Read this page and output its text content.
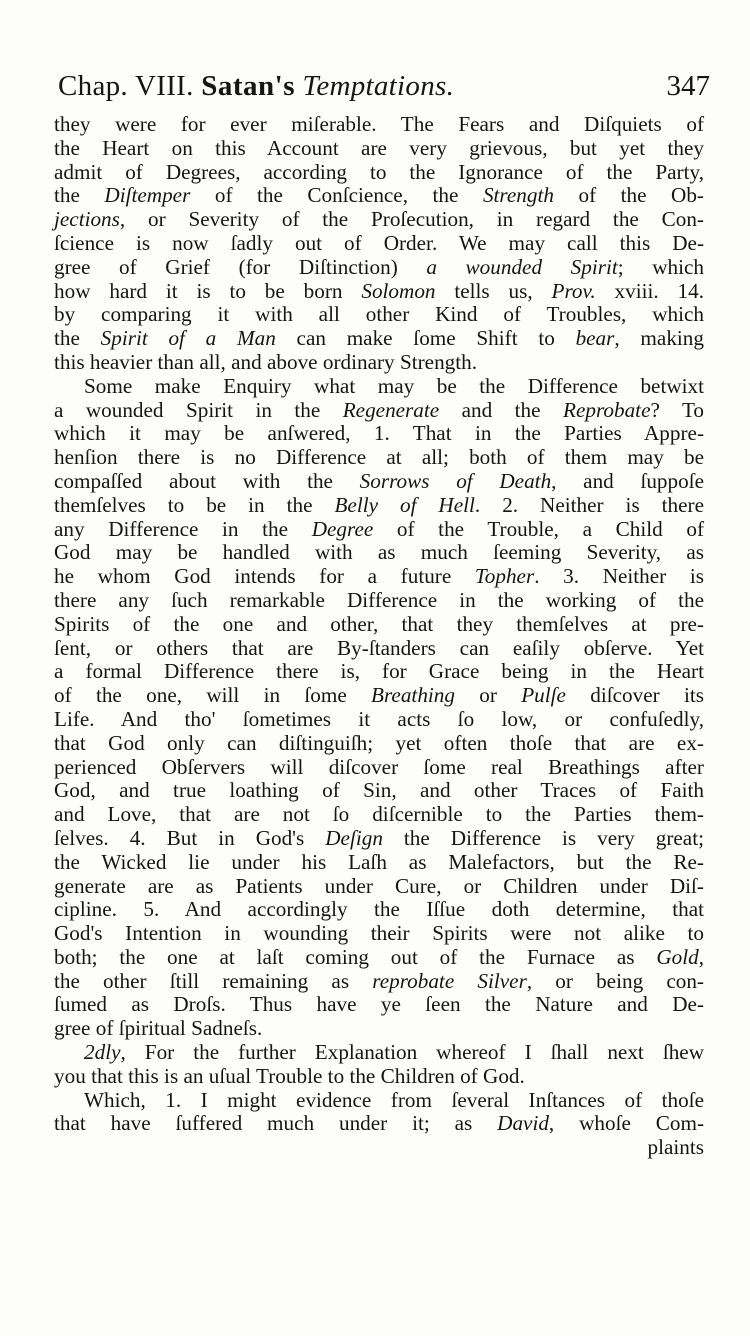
Chap. VIII. Satan's Temptations.	347
they were for ever miſerable. The Fears and Diſquiets of
the Heart on this Account are very grievous, but yet they
admit of Degrees, according to the Ignorance of the Party,
the Diſtemper of the Conſcience, the Strength of the Ob-
jections, or Severity of the Proſecution, in regard the Con-
ſcience is now ſadly out of Order. We may call this De-
gree of Grief (for Diſtinction) a wounded Spirit; which
how hard it is to be born Solomon tells us, Prov. xviii. 14.
by comparing it with all other Kind of Troubles, which
the Spirit of a Man can make ſome Shift to bear, making
this heavier than all, and above ordinary Strength.
Some make Enquiry what may be the Difference betwixt
a wounded Spirit in the Regenerate and the Reprobate? To
which it may be anſwered, 1. That in the Parties Appre-
henſion there is no Difference at all; both of them may be
compaſſed about with the Sorrows of Death, and ſuppoſe
themſelves to be in the Belly of Hell. 2. Neither is there
any Difference in the Degree of the Trouble, a Child of
God may be handled with as much ſeeming Severity, as
he whom God intends for a future Topher. 3. Neither is
there any ſuch remarkable Difference in the working of the
Spirits of the one and other, that they themſelves at pre-
ſent, or others that are By-ſtanders can eaſily obſerve. Yet
a formal Difference there is, for Grace being in the Heart
of the one, will in ſome Breathing or Pulſe diſcover its
Life. And tho' ſometimes it acts ſo low, or confuſedly,
that God only can diſtinguiſh; yet often thoſe that are ex-
perienced Obſervers will diſcover ſome real Breathings after
God, and true loathing of Sin, and other Traces of Faith
and Love, that are not ſo diſcernible to the Parties them-
ſelves. 4. But in God's Deſign the Difference is very great;
the Wicked lie under his Laſh as Malefactors, but the Re-
generate are as Patients under Cure, or Children under Diſ-
cipline. 5. And accordingly the Iſſue doth determine, that
God's Intention in wounding their Spirits were not alike to
both; the one at laſt coming out of the Furnace as Gold,
the other ſtill remaining as reprobate Silver, or being con-
ſumed as Droſs. Thus have ye ſeen the Nature and De-
gree of ſpiritual Sadneſs.
2dly, For the further Explanation whereof I ſhall next ſhew
you that this is an uſual Trouble to the Children of God.
Which, 1. I might evidence from ſeveral Inſtances of thoſe
that have ſuffered much under it; as David, whoſe Com-
plaints
